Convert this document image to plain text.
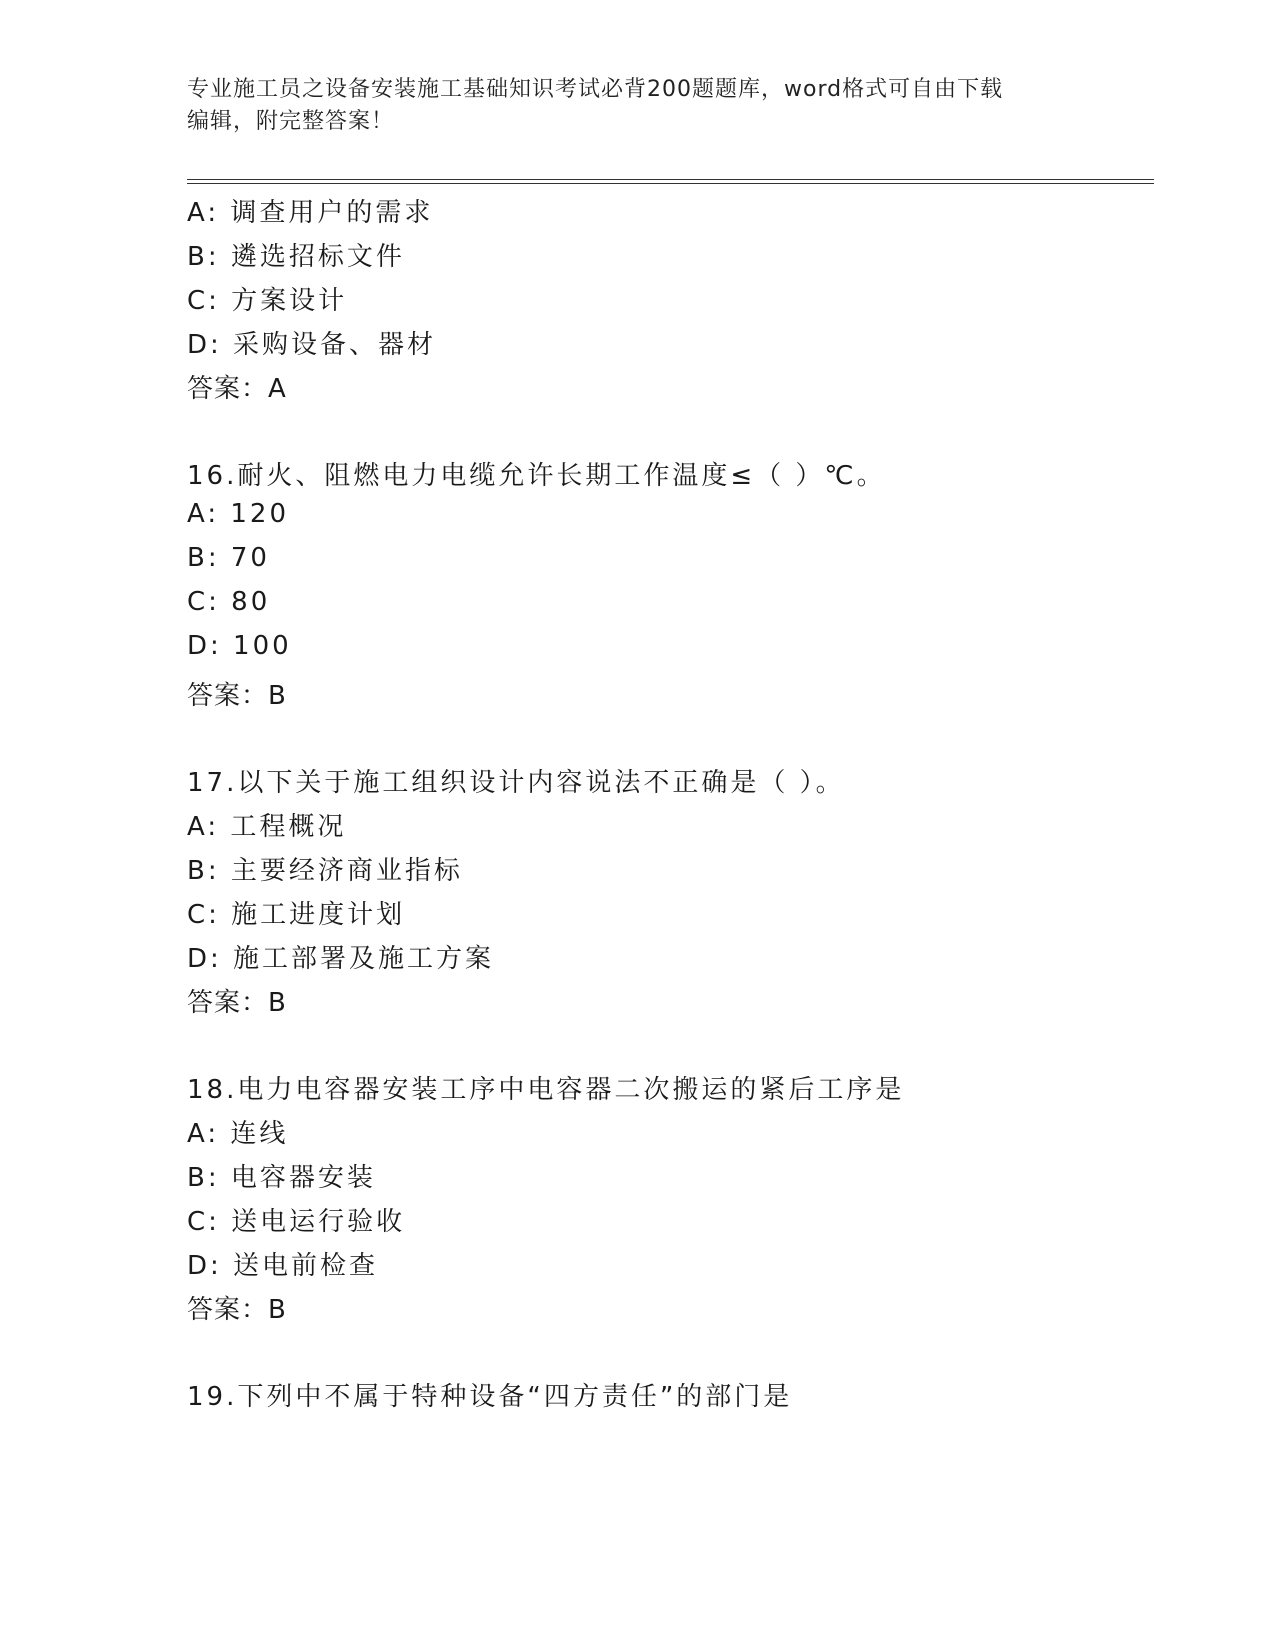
专业施工员之设备安装施工基础知识考试必背200题题库，word格式可自由下载
编辑，附完整答案！
A: 调查用户的需求
B: 遴选招标文件
C: 方案设计
D: 采购设备、器材
答案：A
16.耐火、阻燃电力电缆允许长期工作温度≤（ ）℃。
A: 120
B: 70
C: 80
D: 100
答案：B
17.以下关于施工组织设计内容说法不正确是（ ）。
A: 工程概况
B: 主要经济商业指标
C: 施工进度计划
D: 施工部署及施工方案
答案：B
18.电力电容器安装工序中电容器二次搬运的紧后工序是
A: 连线
B: 电容器安装
C: 送电运行验收
D: 送电前检查
答案：B
19.下列中不属于特种设备“四方责任”的部门是
